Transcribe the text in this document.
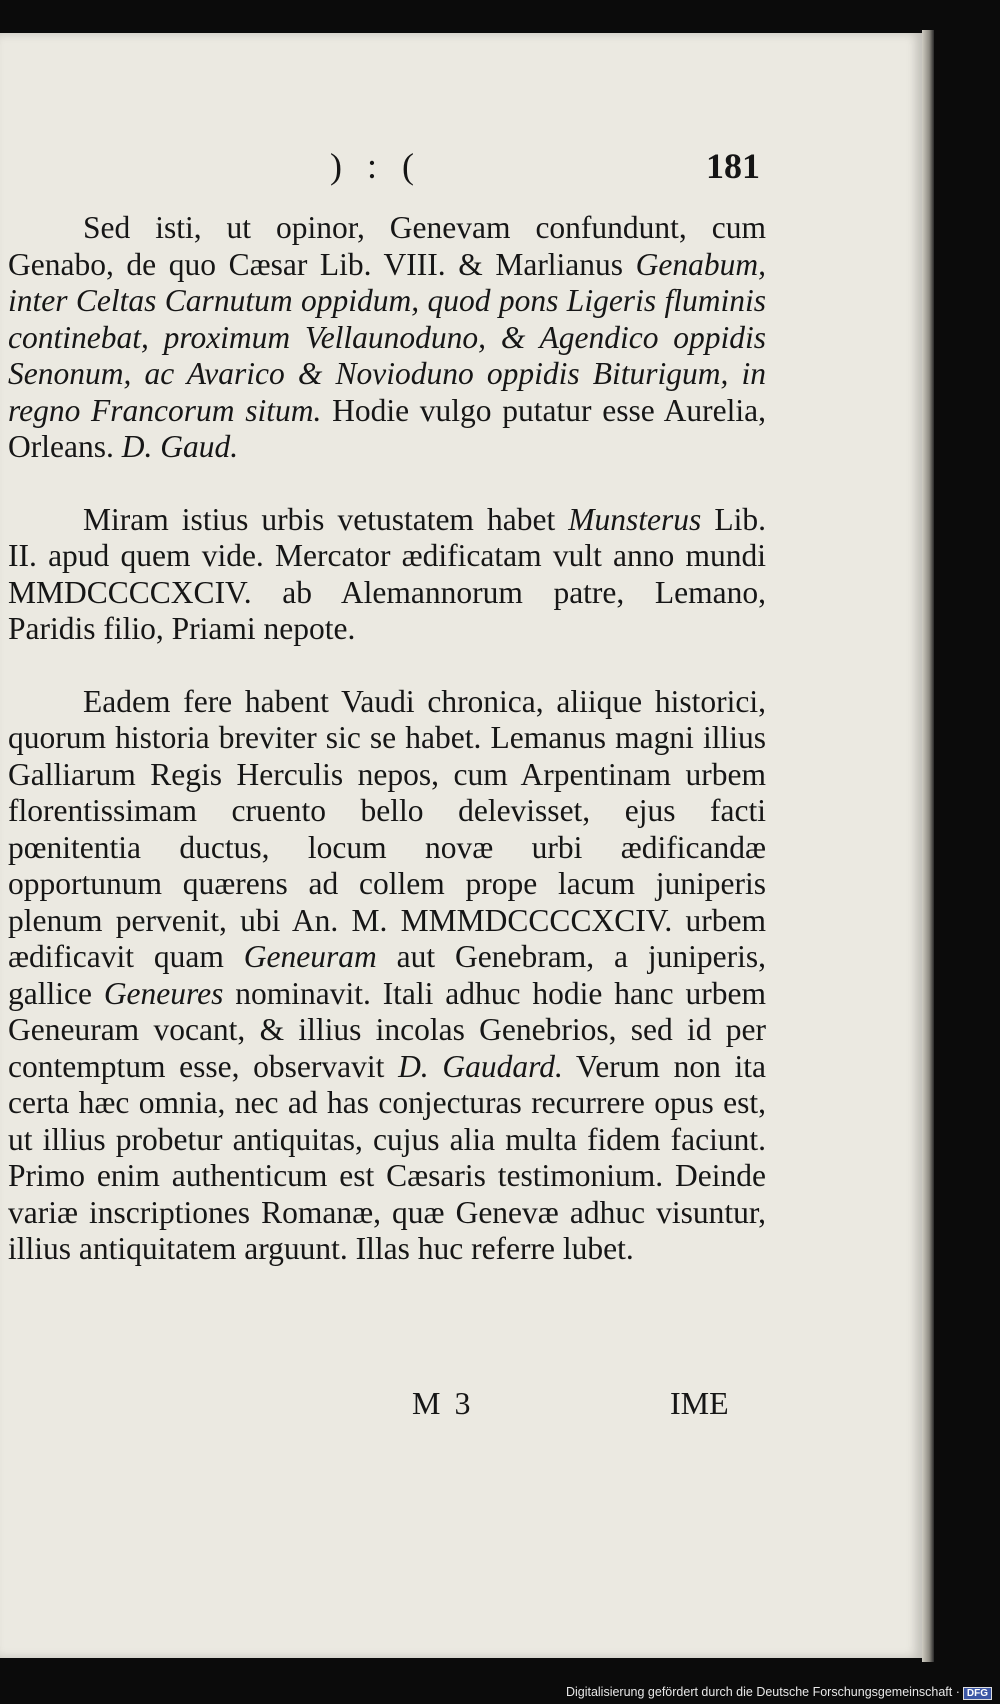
) : (	181

Sed isti, ut opinor, Genevam confundunt, cum Genabo, de quo Cæsar Lib. VIII. & Marlianus Genabum, inter Celtas Carnutum oppidum, quod pons Ligeris fluminis continebat, proximum Vellaunoduno, & Agendico oppidis Senonum, ac Avarico & Novioduno oppidis Biturigum, in regno Francorum situm. Hodie vulgo putatur esse Aurelia, Orleans. D. Gaud.

Miram istius urbis vetustatem habet Munsterus Lib. II. apud quem vide. Mercator ædificatam vult anno mundi MMDCCCCXCIV. ab Alemannorum patre, Lemano, Paridis filio, Priami nepote.

Eadem fere habent Vaudi chronica, aliique historici, quorum historia breviter sic se habet. Lemanus magni illius Galliarum Regis Herculis nepos, cum Arpentinam urbem florentissimam cruento bello delevisset, ejus facti pœnitentia ductus, locum novæ urbi ædificandæ opportunum quærens ad collem prope lacum juniperis plenum pervenit, ubi An. M. MMMDCCCCXCIV. urbem ædificavit quam Geneuram aut Genebram, a juniperis, gallice Geneures nominavit. Itali adhuc hodie hanc urbem Geneuram vocant, & illius incolas Genebrios, sed id per contemptum esse, observavit D. Gaudard. Verum non ita certa hæc omnia, nec ad has conjecturas recurrere opus est, ut illius probetur antiquitas, cujus alia multa fidem faciunt. Primo enim authenticum est Cæsaris testimonium. Deinde variæ inscriptiones Romanæ, quæ Genevæ adhuc visuntur, illius antiquitatem arguunt. Illas huc referre lubet.

M 3	IME
Digitalisierung gefördert durch die Deutsche Forschungsgemeinschaft · DFG
